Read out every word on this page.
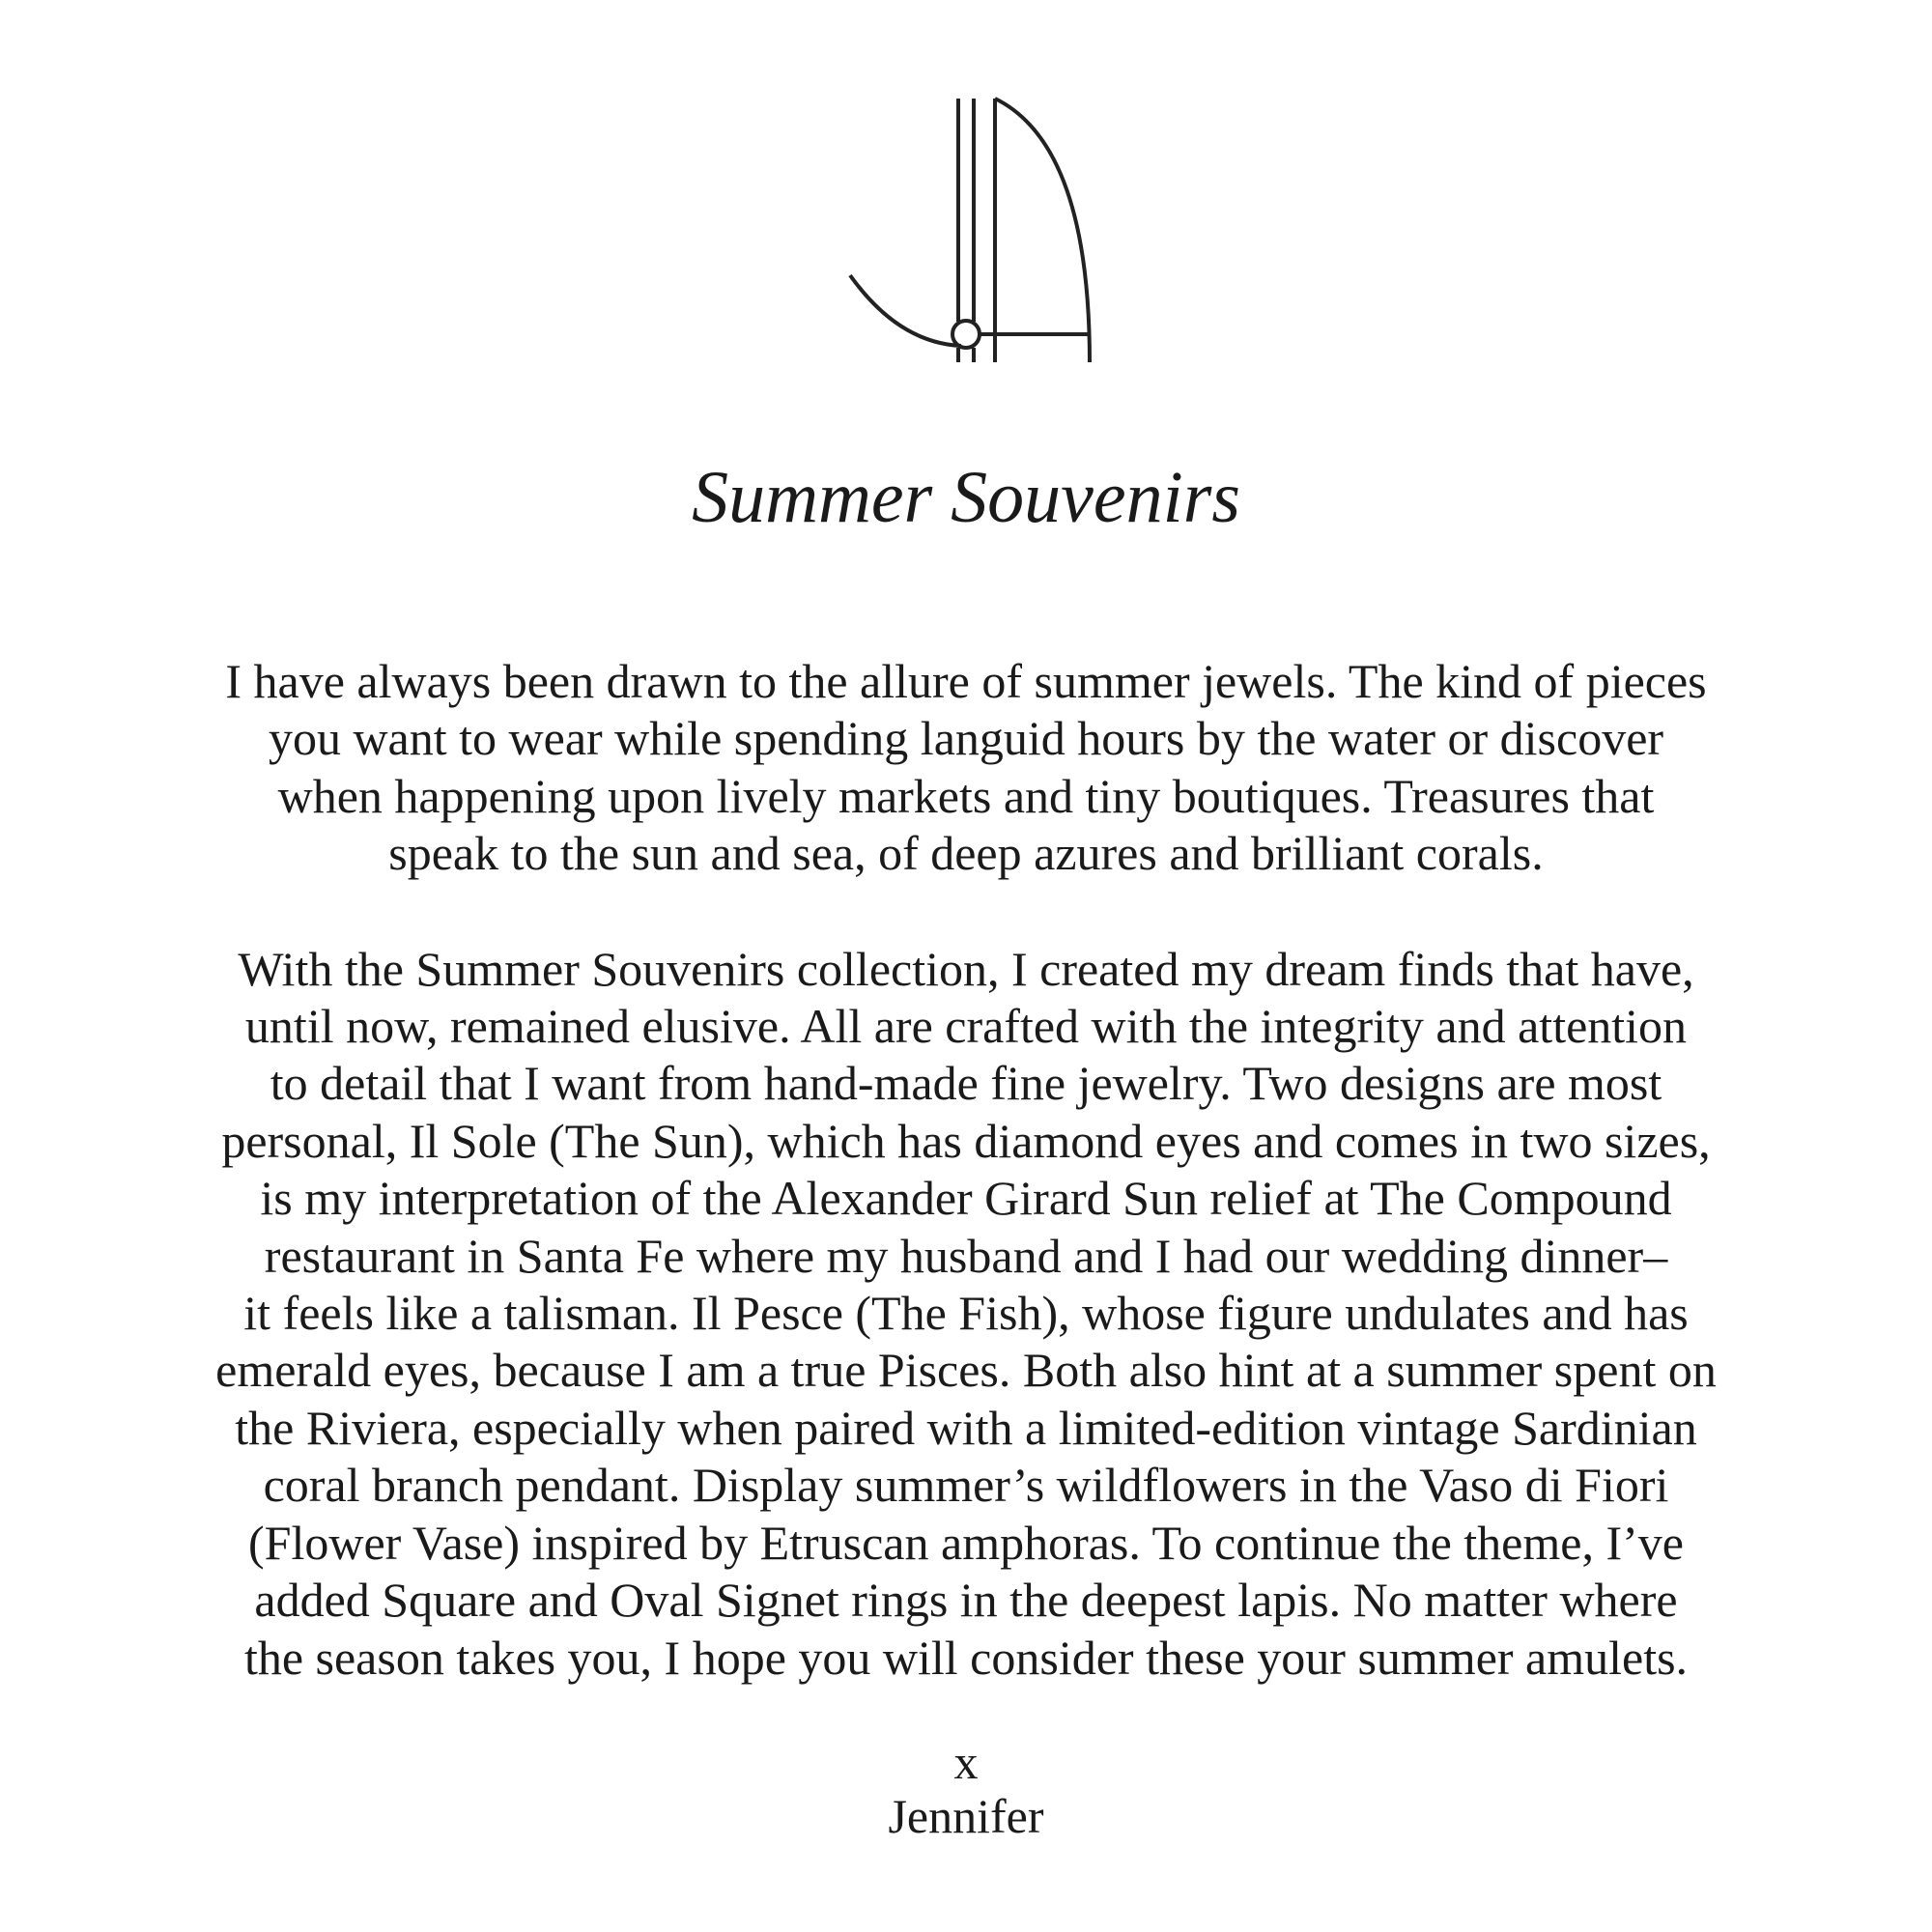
Summer Souvenirs

I have always been drawn to the allure of summer jewels. The kind of pieces
you want to wear while spending languid hours by the water or discover
when happening upon lively markets and tiny boutiques. Treasures that
speak to the sun and sea, of deep azures and brilliant corals.

With the Summer Souvenirs collection, I created my dream finds that have,
until now, remained elusive. All are crafted with the integrity and attention
to detail that I want from hand-made fine jewelry. Two designs are most
personal, Il Sole (The Sun), which has diamond eyes and comes in two sizes,
is my interpretation of the Alexander Girard Sun relief at The Compound
restaurant in Santa Fe where my husband and I had our wedding dinner–
it feels like a talisman. Il Pesce (The Fish), whose figure undulates and has
emerald eyes, because I am a true Pisces. Both also hint at a summer spent on
the Riviera, especially when paired with a limited-edition vintage Sardinian
coral branch pendant. Display summer’s wildflowers in the Vaso di Fiori
(Flower Vase) inspired by Etruscan amphoras. To continue the theme, I’ve
added Square and Oval Signet rings in the deepest lapis. No matter where
the season takes you, I hope you will consider these your summer amulets.

x
Jennifer
